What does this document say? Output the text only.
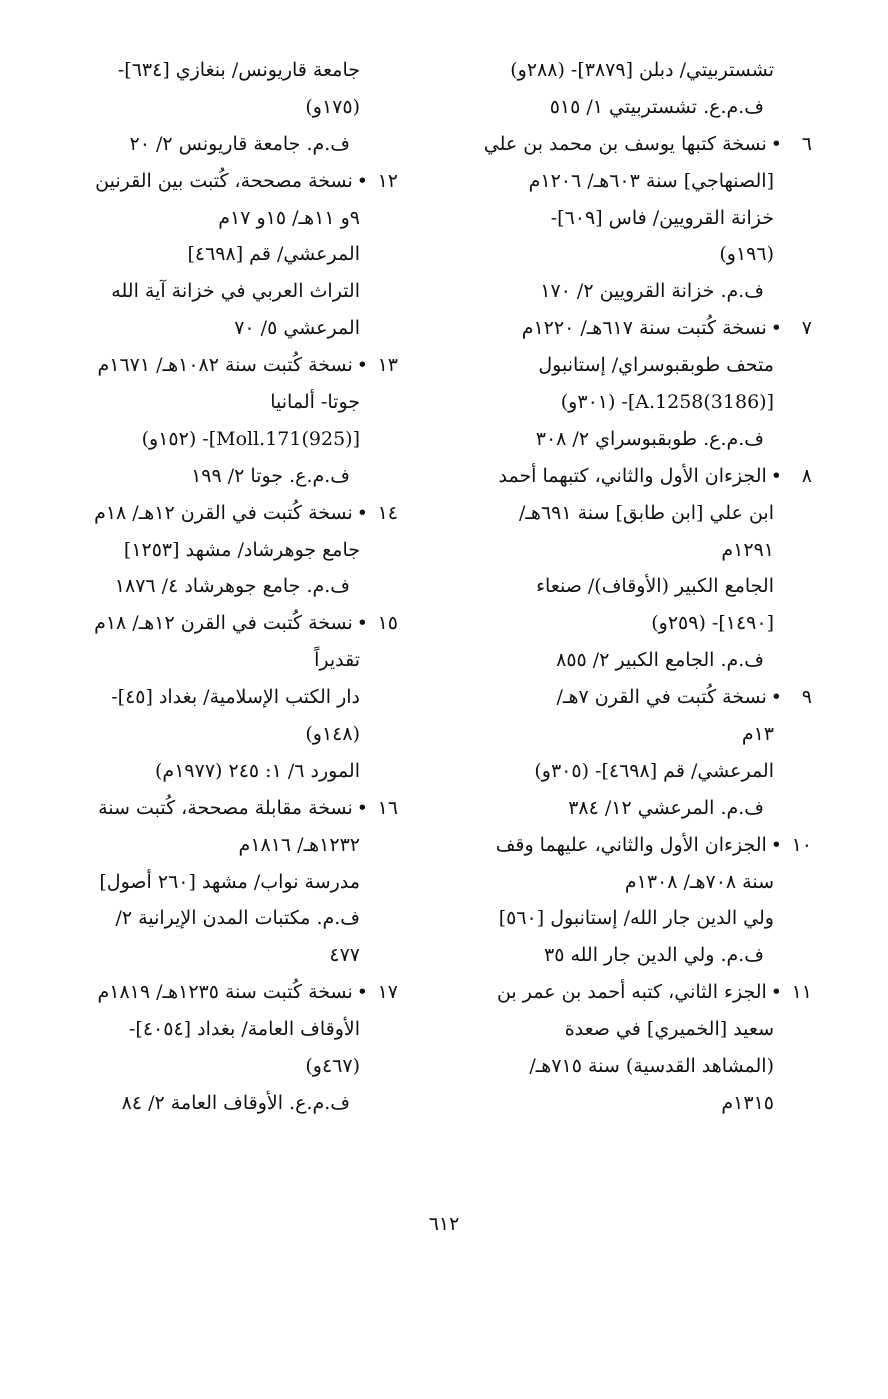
تشستربيتي/ دبلن [٣٨٧٩]- (٢٨٨و)
ف.م.ع. تشستربيتي ١/ ٥١٥
٦•نسخة كتبها يوسف بن محمد بن علي
[الصنهاجي] سنة ٦٠٣هـ/ ١٢٠٦م
خزانة القرويين/ فاس [٦٠٩]-
(١٩٦و)
ف.م. خزانة القرويين ٢/ ١٧٠
٧•نسخة كُتبت سنة ٦١٧هـ/ ١٢٢٠م
متحف طوبقبوسراي/ إستانبول
[A.1258(3186)]- (٣٠١و)
ف.م.ع. طوبقبوسراي ٢/ ٣٠٨
٨•الجزءان الأول والثاني، كتبهما أحمد
ابن علي [ابن طابق] سنة ٦٩١هـ/
١٢٩١م
الجامع الكبير (الأوقاف)/ صنعاء
[١٤٩٠]- (٢٥٩و)
ف.م. الجامع الكبير ٢/ ٨٥٥
٩•نسخة كُتبت في القرن ٧هـ/
١٣م
المرعشي/ قم [٤٦٩٨]- (٣٠٥و)
ف.م. المرعشي ١٢/ ٣٨٤
١٠•الجزءان الأول والثاني، عليهما وقف
سنة ٧٠٨هـ/ ١٣٠٨م
ولي الدين جار الله/ إستانبول [٥٦٠]
ف.م. ولي الدين جار الله ٣٥
١١•الجزء الثاني، كتبه أحمد بن عمر بن
سعيد [الخميري] في صعدة
(المشاهد القدسية) سنة ٧١٥هـ/
١٣١٥م
جامعة قاريونس/ بنغازي [٦٣٤]-
(١٧٥و)
ف.م. جامعة قاريونس ٢/ ٢٠
١٢•نسخة مصححة، كُتبت بين القرنين
٩و ١١هـ/ ١٥و ١٧م
المرعشي/ قم [٤٦٩٨]
التراث العربي في خزانة آية الله
المرعشي ٥/ ٧٠
١٣•نسخة كُتبت سنة ١٠٨٢هـ/ ١٦٧١م
جوتا- ألمانيا
[Moll.171(925)]- (١٥٢و)
ف.م.ع. جوتا ٢/ ١٩٩
١٤•نسخة كُتبت في القرن ١٢هـ/ ١٨م
جامع جوهرشاد/ مشهد [١٢٥٣]
ف.م. جامع جوهرشاد ٤/ ١٨٧٦
١٥•نسخة كُتبت في القرن ١٢هـ/ ١٨م
تقديراً
دار الكتب الإسلامية/ بغداد [٤٥]-
(١٤٨و)
المورد ٦/ ١: ٢٤٥ (١٩٧٧م)
١٦•نسخة مقابلة مصححة، كُتبت سنة
١٢٣٢هـ/ ١٨١٦م
مدرسة نواب/ مشهد [٢٦٠ أصول]
ف.م. مكتبات المدن الإيرانية ٢/
٤٧٧
١٧•نسخة كُتبت سنة ١٢٣٥هـ/ ١٨١٩م
الأوقاف العامة/ بغداد [٤٠٥٤]-
(٤٦٧و)
ف.م.ع. الأوقاف العامة ٢/ ٨٤
٦١٢
